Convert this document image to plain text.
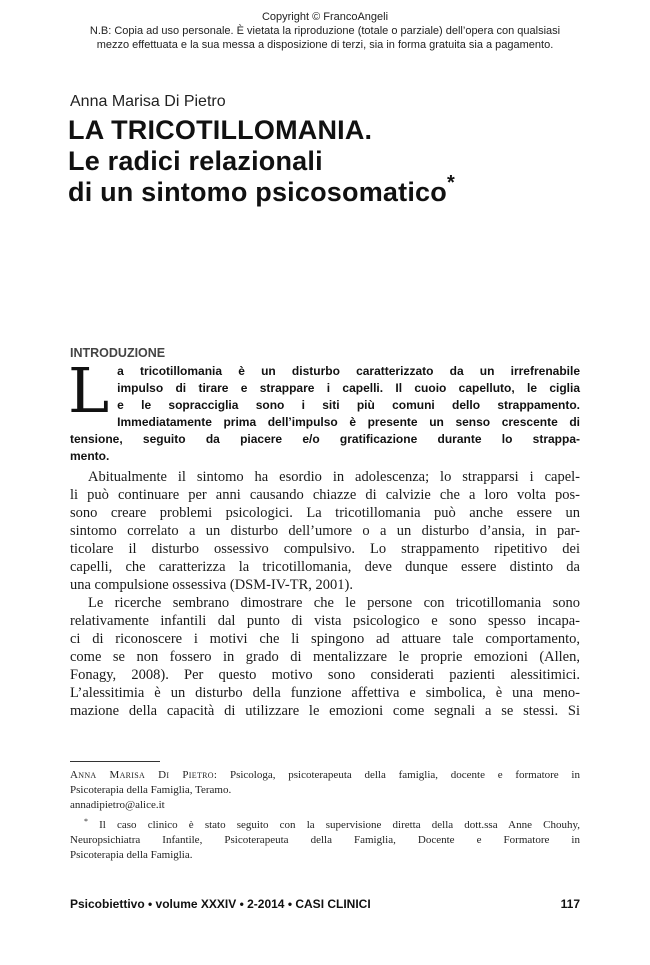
Copyright © FrancoAngeli
N.B: Copia ad uso personale. È vietata la riproduzione (totale o parziale) dell’opera con qualsiasi
mezzo effettuata e la sua messa a disposizione di terzi, sia in forma gratuita sia a pagamento.
Anna Marisa Di Pietro
LA TRICOTILLOMANIA.
Le radici relazionali
di un sintomo psicosomatico*
INTRODUZIONE
L a tricotillomania è un disturbo caratterizzato da un irrefrenabile
impulso di tirare e strappare i capelli. Il cuoio capelluto, le ciglia
e le sopracciglia sono i siti più comuni dello strappamento.
Immediatamente prima dell’impulso è presente un senso crescente di
tensione, seguito da piacere e/o gratificazione durante lo strappa-
mento.
Abitualmente il sintomo ha esordio in adolescenza; lo strapparsi i capel-
li può continuare per anni causando chiazze di calvizie che a loro volta pos-
sono creare problemi psicologici. La tricotillomania può anche essere un
sintomo correlato a un disturbo dell’umore o a un disturbo d’ansia, in par-
ticolare il disturbo ossessivo compulsivo. Lo strappamento ripetitivo dei
capelli, che caratterizza la tricotillomania, deve dunque essere distinto da
una compulsione ossessiva (DSM-IV-TR, 2001).
Le ricerche sembrano dimostrare che le persone con tricotillomania sono
relativamente infantili dal punto di vista psicologico e sono spesso incapa-
ci di riconoscere i motivi che li spingono ad attuare tale comportamento,
come se non fossero in grado di mentalizzare le proprie emozioni (Allen,
Fonagy, 2008). Per questo motivo sono considerati pazienti alessitimici.
L’alessitimia è un disturbo della funzione affettiva e simbolica, è una meno-
mazione della capacità di utilizzare le emozioni come segnali a se stessi. Si
Anna Marisa Di Pietro: Psicologa, psicoterapeuta della famiglia, docente e formatore in
Psicoterapia della Famiglia, Teramo.
annadipietro@alice.it
* Il caso clinico è stato seguito con la supervisione diretta della dott.ssa Anne Chouhy,
Neuropsichiatra Infantile, Psicoterapeuta della Famiglia, Docente e Formatore in
Psicoterapia della Famiglia.
Psicobiettivo • volume XXXIV • 2-2014 • CASI CLINICI	117
